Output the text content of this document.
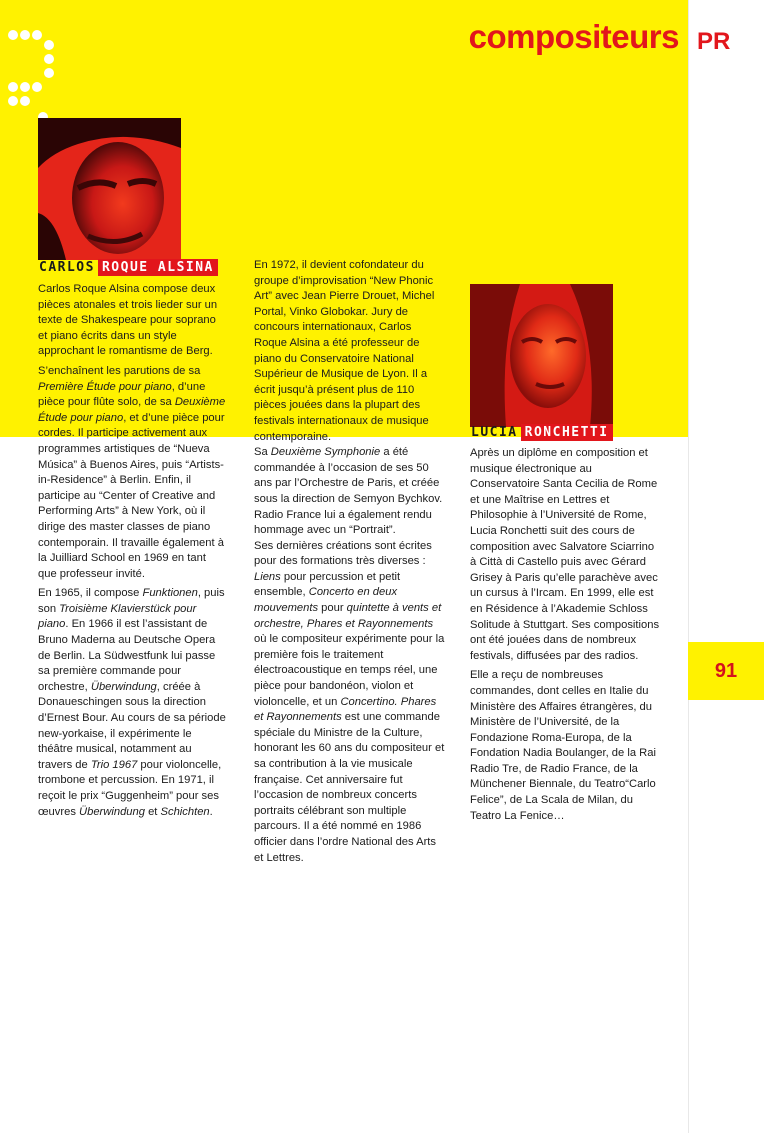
compositeurs PR
CARLOS ROQUE ALSINA
LUCIA RONCHETTI

Carlos Roque Alsina compose deux pièces atonales et trois lieder sur un texte de Shakespeare pour soprano et piano écrits dans un style approchant le romantisme de Berg.

S’enchaînent les parutions de sa Première Étude pour piano, d’une pièce pour flûte solo, de sa Deuxième Étude pour piano, et d’une pièce pour cordes. Il participe activement aux programmes artistiques de “Nueva Música” à Buenos Aires, puis “Artists-in-Residence” à Berlin. Enfin, il participe au “Center of Creative and Performing Arts” à New York, où il dirige des master classes de piano contemporain. Il travaille également à la Juilliard School en 1969 en tant que professeur invité.

En 1965, il compose Funktionen, puis son Troisième Klavierstück pour piano. En 1966 il est l’assistant de Bruno Maderna au Deutsche Opera de Berlin. La Südwestfunk lui passe sa première commande pour orchestre, Überwindung, créée à Donaueschingen sous la direction d’Ernest Bour. Au cours de sa période new-yorkaise, il expérimente le théâtre musical, notamment au travers de Trio 1967 pour violoncelle, trombone et percussion. En 1971, il reçoit le prix “Guggenheim” pour ses œuvres Überwindung et Schichten.

En 1972, il devient cofondateur du groupe d’improvisation “New Phonic Art” avec Jean Pierre Drouet, Michel Portal, Vinko Globokar. Jury de concours internationaux, Carlos Roque Alsina a été professeur de piano du Conservatoire National Supérieur de Musique de Lyon. Il a écrit jusqu’à présent plus de 110 pièces jouées dans la plupart des festivals internationaux de musique contemporaine.

Sa Deuxième Symphonie a été commandée à l’occasion de ses 50 ans par l’Orchestre de Paris, et créée sous la direction de Semyon Bychkov. Radio France lui a également rendu hommage avec un “Portrait”.

Ses dernières créations sont écrites pour des formations très diverses : Liens pour percussion et petit ensemble, Concerto en deux mouvements pour quintette à vents et orchestre, Phares et Rayonnements où le compositeur expérimente pour la première fois le traitement électroacoustique en temps réel, une pièce pour bandonéon, violon et violoncelle, et un Concertino. Phares et Rayonnements est une commande spéciale du Ministre de la Culture, honorant les 60 ans du compositeur et sa contribution à la vie musicale française. Cet anniversaire fut l’occasion de nombreux concerts portraits célébrant son multiple parcours. Il a été nommé en 1986 officier dans l’ordre National des Arts et Lettres.

Après un diplôme en composition et musique électronique au Conservatoire Santa Cecilia de Rome et une Maîtrise en Lettres et Philosophie à l’Université de Rome, Lucia Ronchetti suit des cours de composition avec Salvatore Sciarrino à Città di Castello puis avec Gérard Grisey à Paris qu’elle parachève avec un cursus à l’Ircam. En 1999, elle est en Résidence à l’Akademie Schloss Solitude à Stuttgart. Ses compositions ont été jouées dans de nombreux festivals, diffusées par des radios.

Elle a reçu de nombreuses commandes, dont celles en Italie du Ministère des Affaires étrangères, du Ministère de l’Université, de la Fondazione Roma-Europa, de la Fondation Nadia Boulanger, de la Rai Radio Tre, de Radio France, de la Münchener Biennale, du Teatro“Carlo Felice”, de La Scala de Milan, du Teatro La Fenice…

91
